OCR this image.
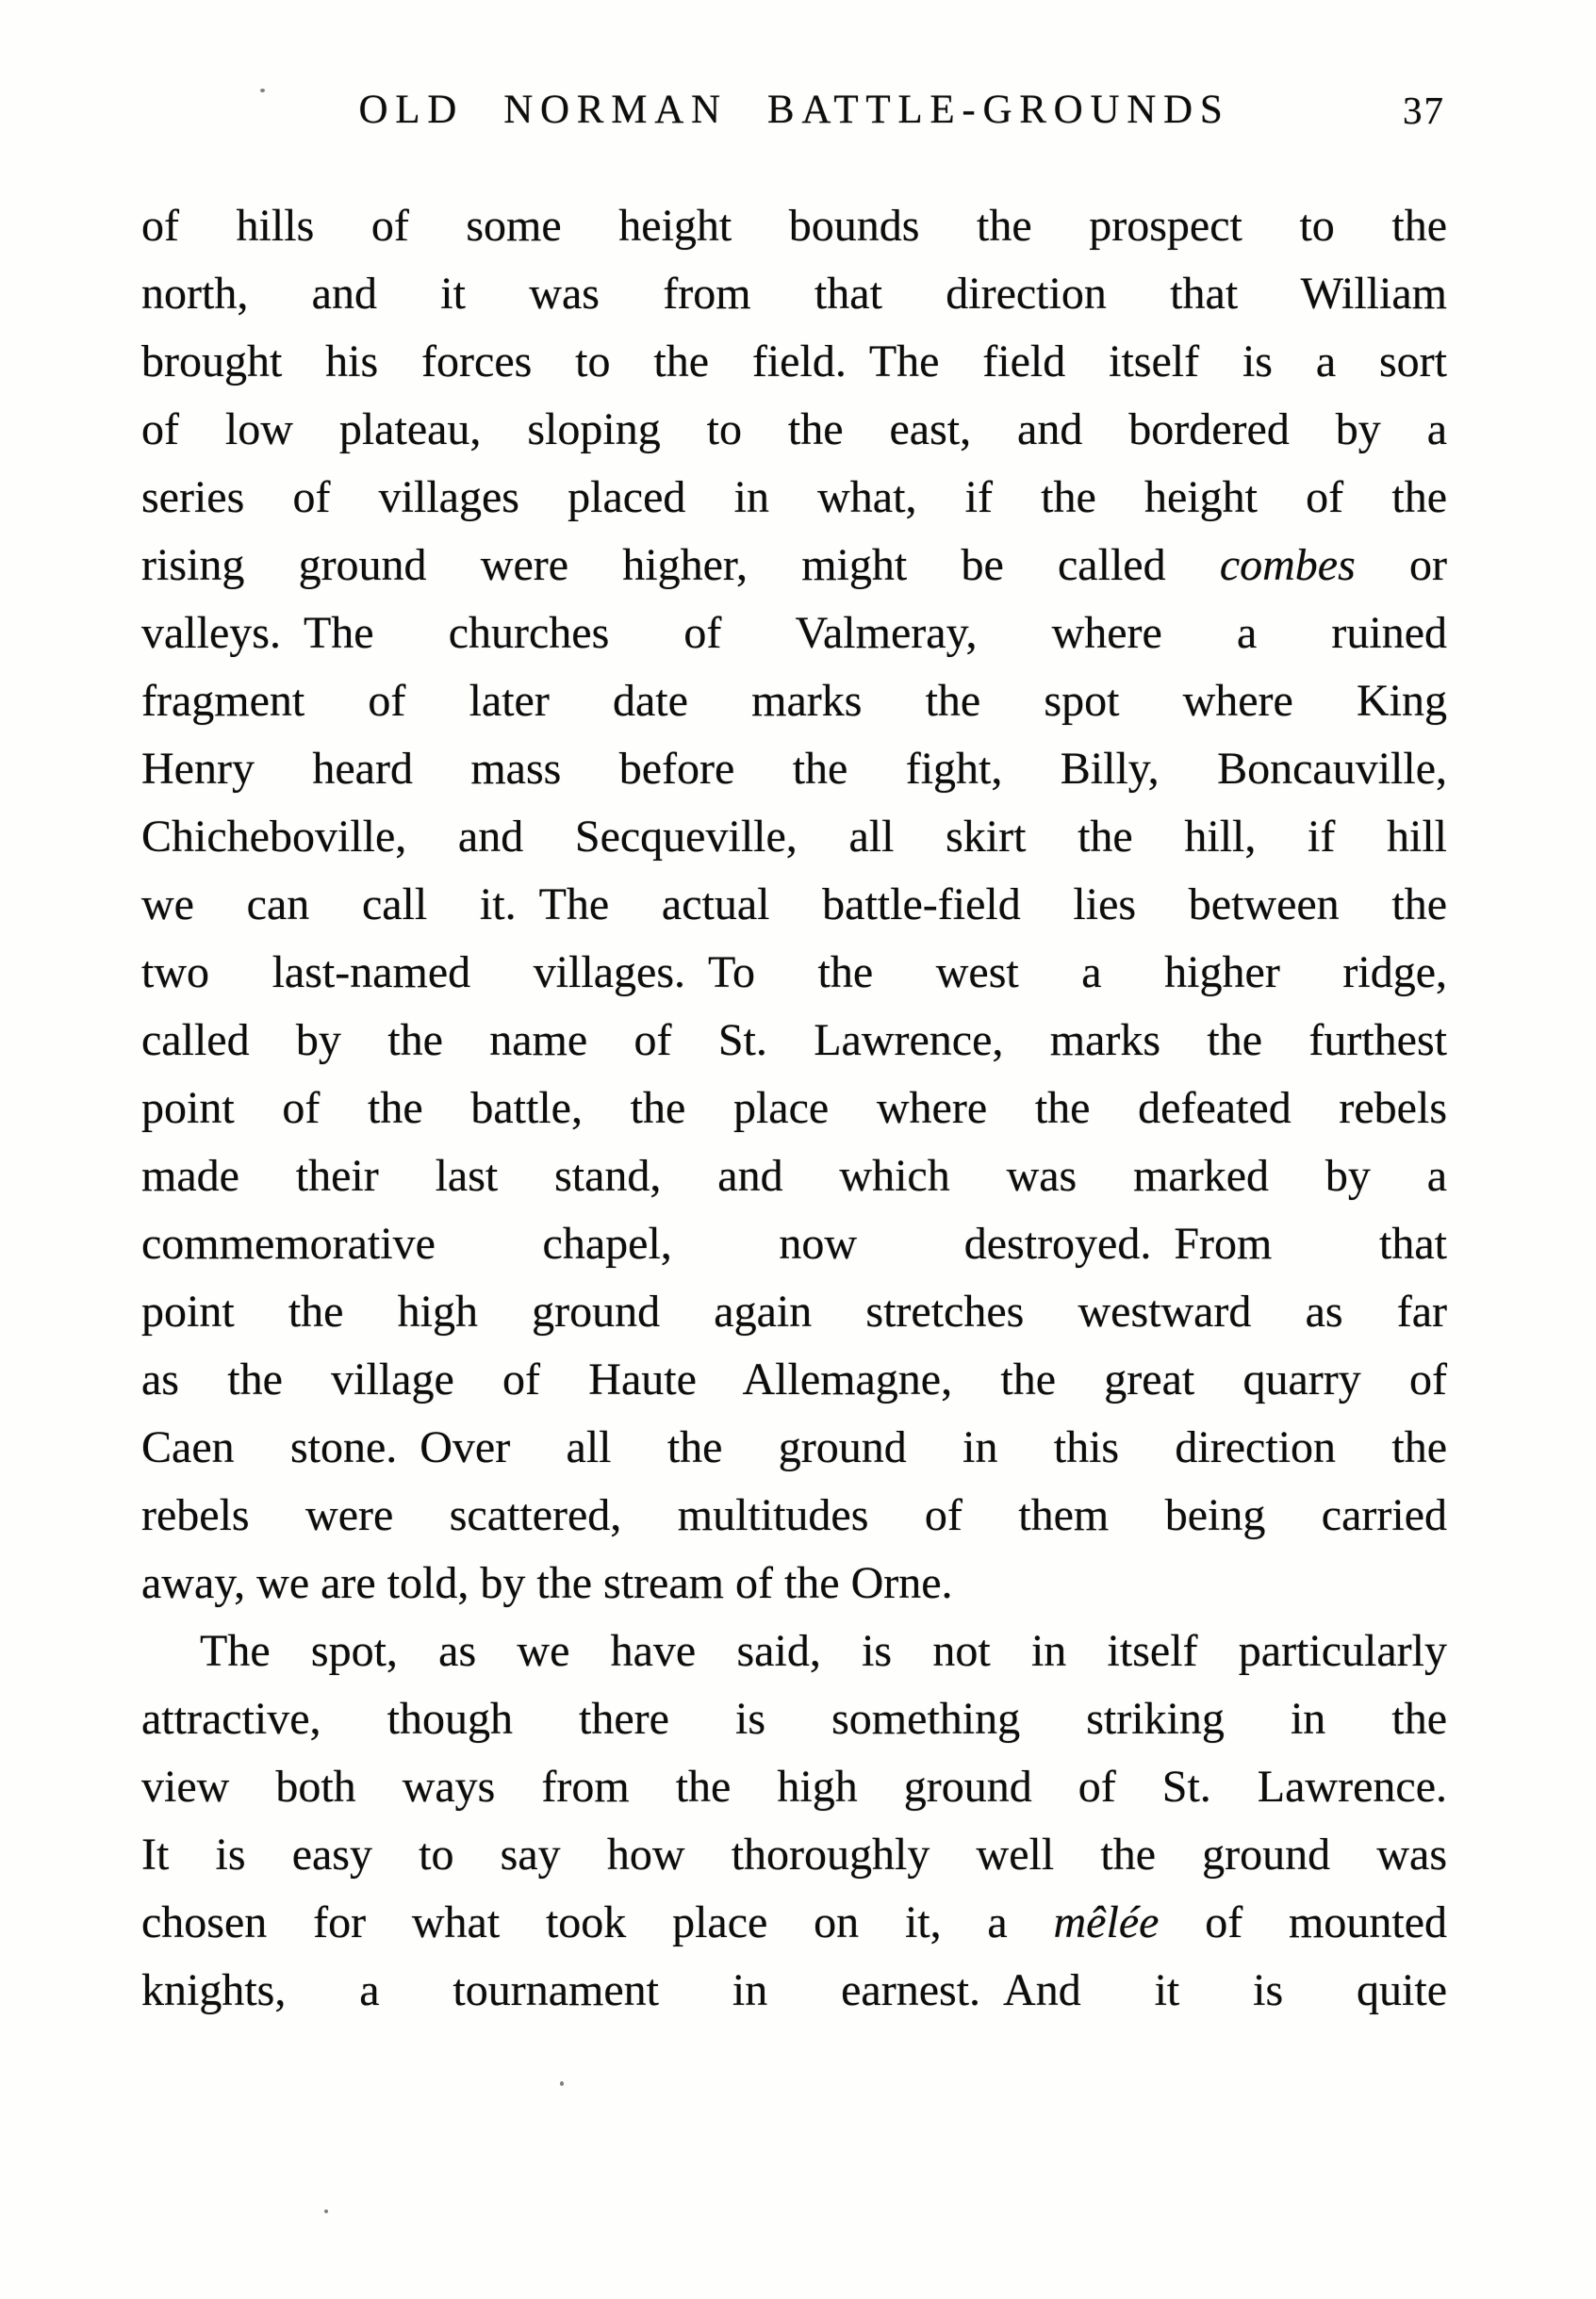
OLD NORMAN BATTLE-GROUNDS	37
of hills of some height bounds the prospect to the
north, and it was from that direction that William
brought his forces to the field. The field itself is a sort
of low plateau, sloping to the east, and bordered by a
series of villages placed in what, if the height of the
rising ground were higher, might be called combes or
valleys. The churches of Valmeray, where a ruined
fragment of later date marks the spot where King
Henry heard mass before the fight, Billy, Boncauville,
Chicheboville, and Secqueville, all skirt the hill, if hill
we can call it. The actual battle-field lies between the
two last-named villages. To the west a higher ridge,
called by the name of St. Lawrence, marks the furthest
point of the battle, the place where the defeated rebels
made their last stand, and which was marked by a
commemorative chapel, now destroyed. From that
point the high ground again stretches westward as far
as the village of Haute Allemagne, the great quarry of
Caen stone. Over all the ground in this direction the
rebels were scattered, multitudes of them being carried
away, we are told, by the stream of the Orne.
The spot, as we have said, is not in itself particularly
attractive, though there is something striking in the
view both ways from the high ground of St. Lawrence.
It is easy to say how thoroughly well the ground was
chosen for what took place on it, a mêlée of mounted
knights, a tournament in earnest. And it is quite
